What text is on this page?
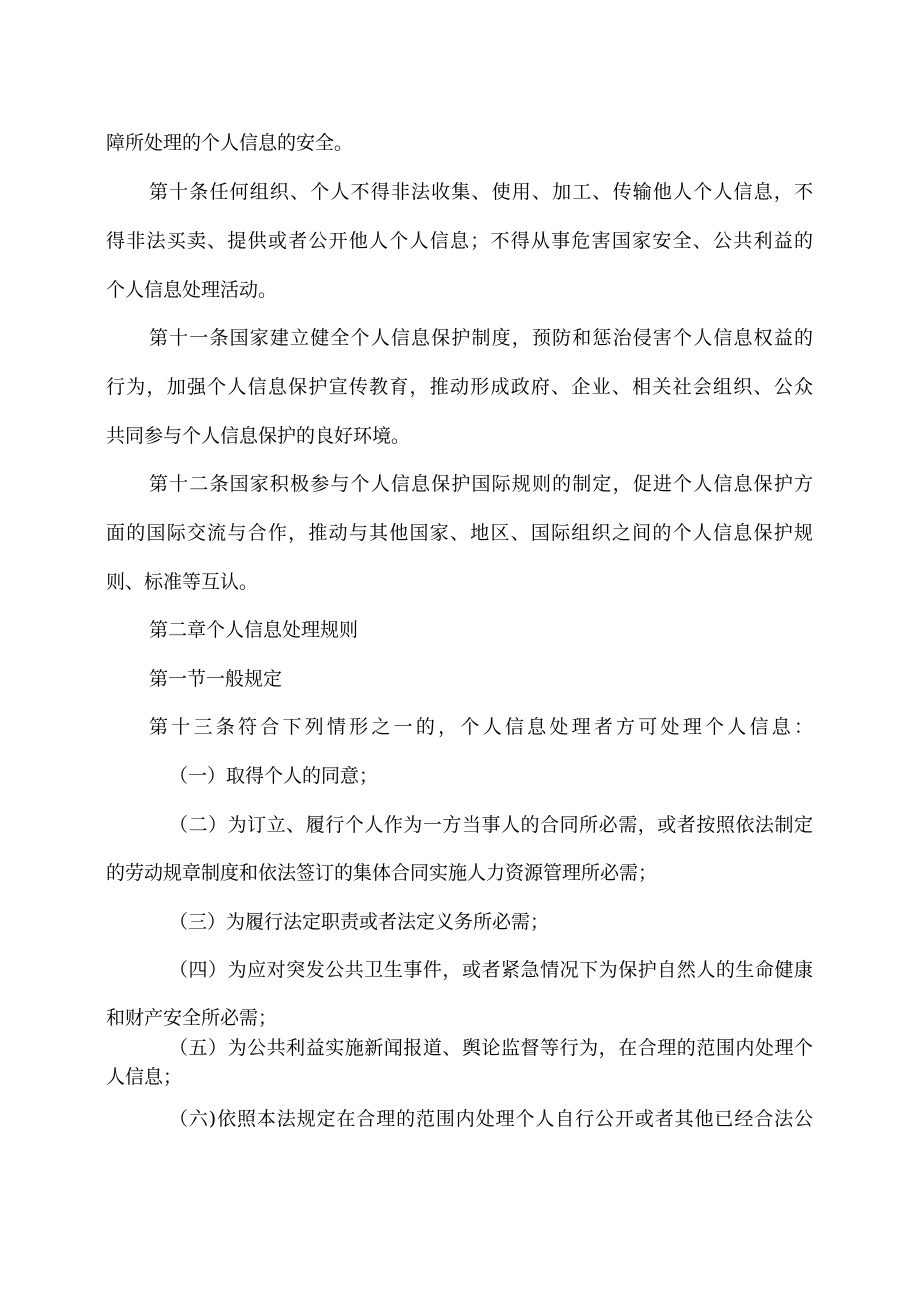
障所处理的个人信息的安全。
第十条任何组织、个人不得非法收集、使用、加工、传输他人个人信息，不
得非法买卖、提供或者公开他人个人信息；不得从事危害国家安全、公共利益的
个人信息处理活动。
第十一条国家建立健全个人信息保护制度，预防和惩治侵害个人信息权益的
行为，加强个人信息保护宣传教育，推动形成政府、企业、相关社会组织、公众
共同参与个人信息保护的良好环境。
第十二条国家积极参与个人信息保护国际规则的制定，促进个人信息保护方
面的国际交流与合作，推动与其他国家、地区、国际组织之间的个人信息保护规
则、标准等互认。
第二章个人信息处理规则
第一节一般规定
第十三条符合下列情形之一的，个人信息处理者方可处理个人信息：
（一）取得个人的同意；
（二）为订立、履行个人作为一方当事人的合同所必需，或者按照依法制定
的劳动规章制度和依法签订的集体合同实施人力资源管理所必需；
（三）为履行法定职责或者法定义务所必需；
（四）为应对突发公共卫生事件，或者紧急情况下为保护自然人的生命健康
和财产安全所必需；
（五）为公共利益实施新闻报道、舆论监督等行为，在合理的范围内处理个
人信息；
（六)依照本法规定在合理的范围内处理个人自行公开或者其他已经合法公
